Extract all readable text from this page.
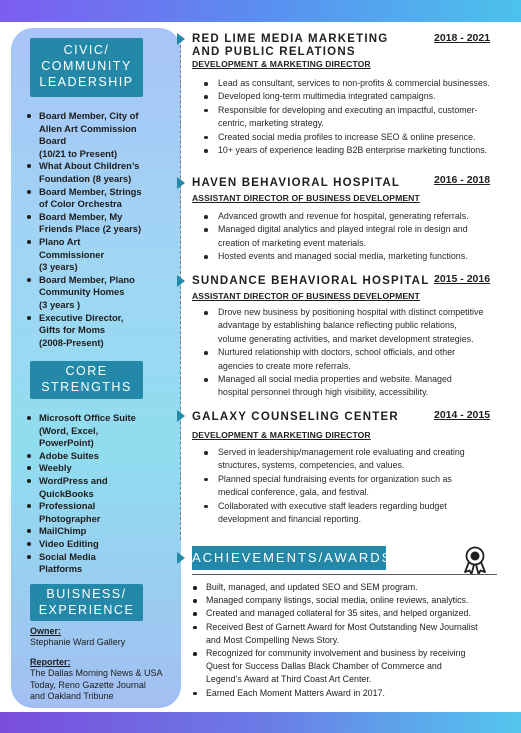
CIVIC/
COMMUNITY
LEADERSHIP
Board Member, City of
Allen Art Commission
Board
(10/21 to Present)
What About Children’s
Foundation (8 years)
Board Member, Strings
of Color Orchestra
Board Member, My
Friends Place (2 years)
Plano Art
Commissioner
(3 years)
Board Member, Plano
Community Homes
(3 years )
Executive Director,
Gifts for Moms
(2008-Present)
CORE
STRENGTHS
Microsoft Office Suite
(Word, Excel,
PowerPoint)
Adobe Suites
Weebly
WordPress and
QuickBooks
Professional
Photographer
MailChimp
Video Editing
Social Media
Platforms
BUISNESS/
EXPERIENCE
Owner:
Stephanie Ward Gallery
Reporter:
The Dallas Morning News & USA
Today, Reno Gazette Journal
and Oakland Tribune
RED LIME MEDIA MARKETING
AND PUBLIC RELATIONS
2018 - 2021
DEVELOPMENT & MARKETING DIRECTOR
Lead as consultant, services to non-profits & commercial businesses.
Developed long-term multimedia integrated campaigns.
Responsible for developing and executing an impactful, customer-
centric, marketing strategy.
Created social media profiles to increase SEO & online presence.
10+ years of experience leading B2B enterprise marketing functions.
HAVEN BEHAVIORAL HOSPITAL	2016 - 2018
ASSISTANT DIRECTOR OF BUSINESS DEVELOPMENT
Advanced growth and revenue for hospital, generating referrals.
Managed digital analytics and played integral role in design and
creation of marketing event materials.
Hosted events and managed social media, marketing functions.
SUNDANCE BEHAVIORAL HOSPITAL 2015 - 2016
ASSISTANT DIRECTOR OF BUSINESS DEVELOPMENT
Drove new business by positioning hospital with distinct competitive
advantage by establishing balance reflecting public relations,
volume generating activities, and market development strategies.
Nurtured relationship with doctors, school officials, and other
agencies to create more referrals.
Managed all social media properties and website. Managed
hospital personnel through high visibility, accessibility.
GALAXY COUNSELING CENTER	2014 - 2015
DEVELOPMENT & MARKETING DIRECTOR
Served in leadership/management role evaluating and creating
structures, systems, competencies, and values.
Planned special fundraising events for organization such as
medical conference, gala, and festival.
Collaborated with executive staff leaders regarding budget
development and financial reporting.
ACHIEVEMENTS/AWARDS
Built, managed, and updated SEO and SEM program.
Managed company listings, social media, online reviews, analytics.
Created and managed collateral for 35 sites, and helped organized.
Received Best of Garnett Award for Most Outstanding New Journalist
and Most Compelling News Story.
Recognized for community involvement and business by receiving
Quest for Success Dallas Black Chamber of Commerce and
Legend’s Award at Third Coast Art Center.
Earned Each Moment Matters Award in 2017.
